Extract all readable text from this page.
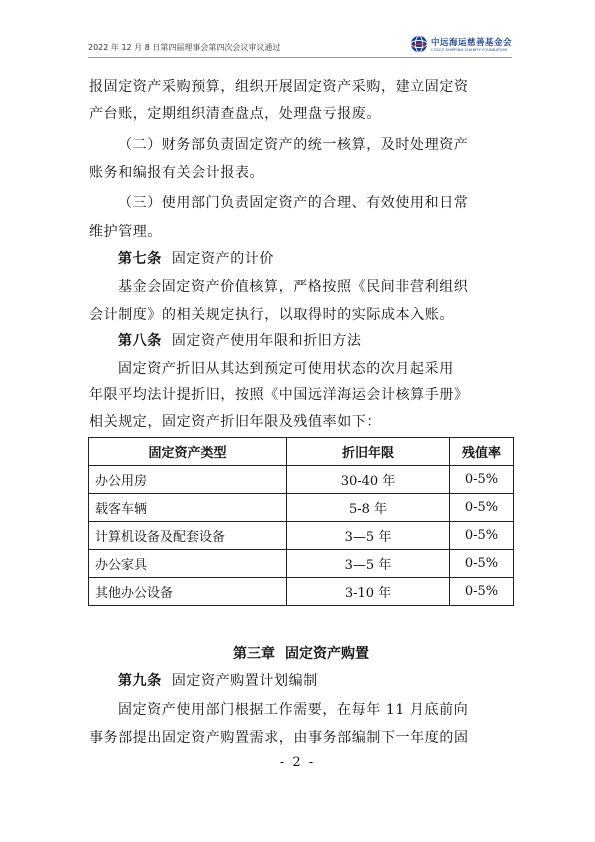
2022 年 12 月 8 日第四届理事会第四次会议审议通过	中远海运慈善基金会
COSCO SHIPPING CHARITY FOUNDATION
报固定资产采购预算，组织开展固定资产采购，建立固定资
产台账，定期组织清查盘点，处理盘亏报废。
（二）财务部负责固定资产的统一核算，及时处理资产
账务和编报有关会计报表。
（三）使用部门负责固定资产的合理、有效使用和日常
维护管理。
第七条 固定资产的计价
基金会固定资产价值核算，严格按照《民间非营利组织
会计制度》的相关规定执行，以取得时的实际成本入账。
第八条 固定资产使用年限和折旧方法
固定资产折旧从其达到预定可使用状态的次月起采用
年限平均法计提折旧，按照《中国远洋海运会计核算手册》
相关规定，固定资产折旧年限及残值率如下：
固定资产类型	折旧年限	残值率
办公用房	30-40 年	0-5%
载客车辆	5-8 年	0-5%
计算机设备及配套设备	3—5 年	0-5%
办公家具	3—5 年	0-5%
其他办公设备	3-10 年	0-5%
第三章 固定资产购置
第九条 固定资产购置计划编制
固定资产使用部门根据工作需要，在每年 11 月底前向
事务部提出固定资产购置需求，由事务部编制下一年度的固
- 2 -
